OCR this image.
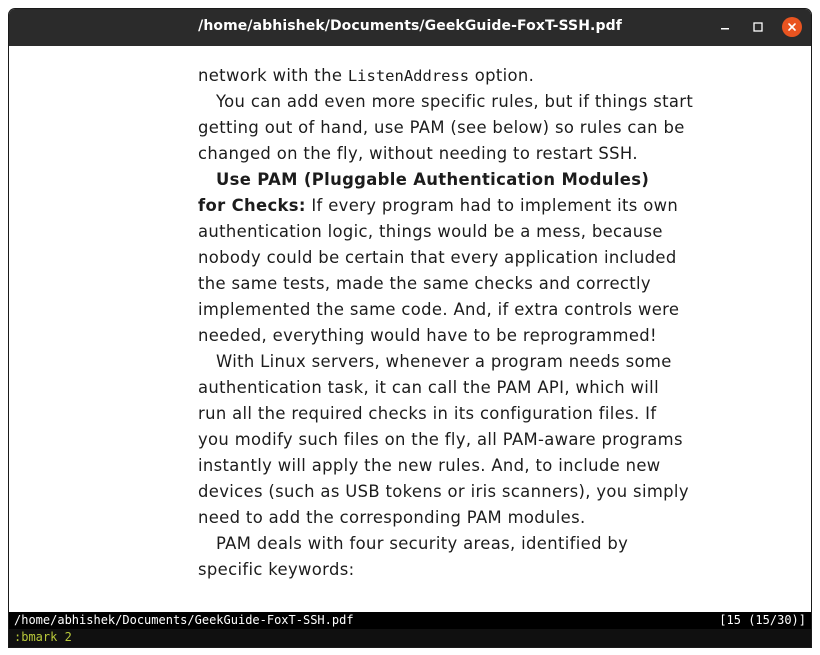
/home/abhishek/Documents/GeekGuide-FoxT-SSH.pdf
network with the ListenAddress option.
You can add even more specific rules, but if things start
getting out of hand, use PAM (see below) so rules can be
changed on the fly, without needing to restart SSH.
Use PAM (Pluggable Authentication Modules)
for Checks: If every program had to implement its own
authentication logic, things would be a mess, because
nobody could be certain that every application included
the same tests, made the same checks and correctly
implemented the same code. And, if extra controls were
needed, everything would have to be reprogrammed!
With Linux servers, whenever a program needs some
authentication task, it can call the PAM API, which will
run all the required checks in its configuration files. If
you modify such files on the fly, all PAM-aware programs
instantly will apply the new rules. And, to include new
devices (such as USB tokens or iris scanners), you simply
need to add the corresponding PAM modules.
PAM deals with four security areas, identified by
specific keywords:
/home/abhishek/Documents/GeekGuide-FoxT-SSH.pdf	[15 (15/30)]
:bmark 2
